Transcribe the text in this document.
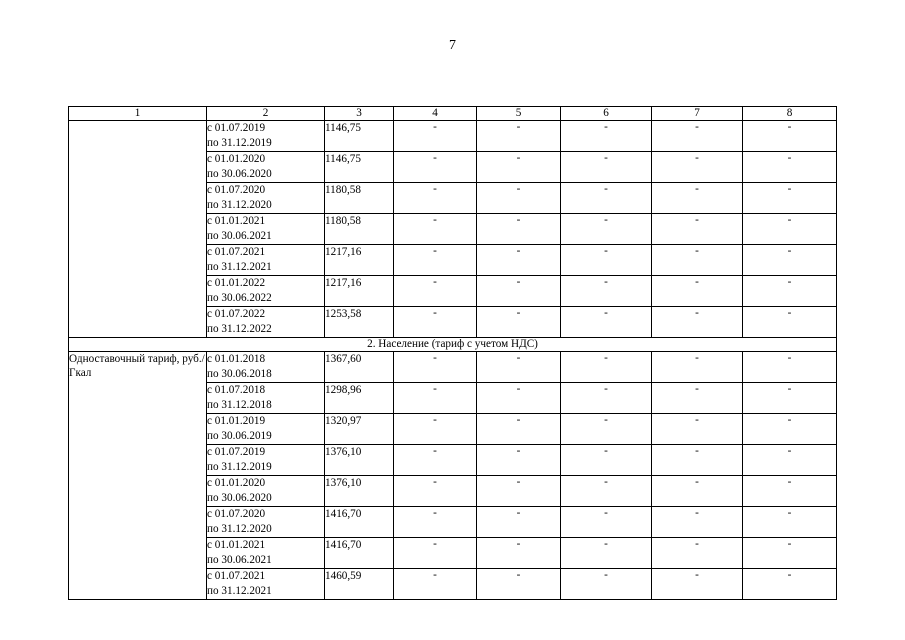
7
1	2	3	4	5	6	7	8

	с 01.07.2019
по 31.12.2019	1146,75	-	-	-	-	-

	с 01.01.2020
по 30.06.2020	1146,75	-	-	-	-	-

	с 01.07.2020
по 31.12.2020	1180,58	-	-	-	-	-

	с 01.01.2021
по 30.06.2021	1180,58	-	-	-	-	-

	с 01.07.2021
по 31.12.2021	1217,16	-	-	-	-	-

	с 01.01.2022
по 30.06.2022	1217,16	-	-	-	-	-

	с 01.07.2022
по 31.12.2022	1253,58	-	-	-	-	-
2. Население (тариф с учетом НДС)							
Одноставочный тариф, руб./Гкал	с 01.01.2018
по 30.06.2018	1367,60	-	-	-	-	-

	с 01.07.2018
по 31.12.2018	1298,96	-	-	-	-	-

	с 01.01.2019
по 30.06.2019	1320,97	-	-	-	-	-

	с 01.07.2019
по 31.12.2019	1376,10	-	-	-	-	-

	с 01.01.2020
по 30.06.2020	1376,10	-	-	-	-	-

	с 01.07.2020
по 31.12.2020	1416,70	-	-	-	-	-

	с 01.01.2021
по 30.06.2021	1416,70	-	-	-	-	-

	с 01.07.2021
по 31.12.2021	1460,59	-	-	-	-	-
